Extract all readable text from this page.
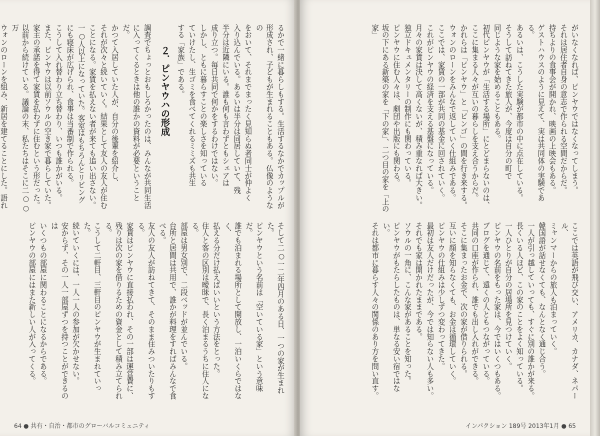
るかで一緒に暮らしもする。生活するなかでカップルが
形成され、子どもが生まれることもある。仏像のようなの
をおいて、それまでまったく見知らぬ者同士が仲よく
入り込んでいる。あるいは半分は同居していて、残
半分は近隣にいる。誰も何も言わずともシェアは
成り立つ。毎日共同で何かをするわけではない。
しかし、ともに暮らすことの楽しさを知っている
ていけたし、生ゴミを食べてくれるミミズも共生
する「家族」である。
２．ピンヤウハの形成
調査でちょっとおもしろかったのは、みんなが共同生活
に入ってくるときは他の誰かの資料が必要ということだ。
かつて入居していた人が、自分の後輩を紹介し、
それが次々と続いていく。結果として友人の友人が住む
ことになる。家賃を払えない者が来ても追い出さない。
一○人以上になっていた。客室はもちろんとリビング
にも寝床が広げられ、食事は当番制で作られる。
こうして入れ替わり立ち替わり、いつも誰かがいる。
また、ピンヤウは以前ソウルの空き家で暮らしていた。
家主の承諾を得て家賃を払わずに住むという形だった。
以前から続けている。議論の末、私たちはそこに二○○万
ウォンのローンを組み、新居を建てることにした。語れ
そして二○一二年四月のある日、一つの家が生まれた。
ピンヤウという名前は「空いている家」という意味だ。
誰でも泊まれる場所として開放し、一泊いくらではなく、
払える分だけ払えばいいという方法をとった。
住人と客の区別は曖昧で、長く泊まるうちに住人になる。
部屋は男女別で、二段ベッドが並んでいる。
台所と居間は共用で、誰かが料理をすればみんなで食べる。
友人の友人が訪ねてきて、そのまま住みついたりもする。
家賃はピンヤウに直接払われ、その一部は運営費に、
残りは次の家を借りるための資金として積み立てられる。
こうして二軒目、三軒目のピンヤウが生まれていった。
続いていくには、一人一人の参加が欠かせない。
安からず、その一人一部屋ずつを持つことができるのは
いくつもの部屋に関わることになるからである。
ピンヤウの部屋にはまた新しい人が入ってくる。
64 ● 共有・自治・都市のグローバルコミュニティ
がいなくなれば、ピンヤウではなくなってしまう。
それは居住者自身の意志で作られる空間だからだ。
持ちよりの食事会が開かれ、映画の上映会もある。
ゲストハウスのように見えて、実は共同体の実験である。
あるいは、こうした実験が都市の中に点在している。
そうして訪ねてきた旅人が、今度は自分の町で
同じような家を始めることもある。
初代ピンヤウが「生活する場所」にとどまらないのは、
ここに集まる人々が互いの暮らしを支え合うからだ。
かれらは「ピンヤウ」と「ピンゴ」の間を行き来する。
ウォンのローンをみんなで返していく仕組みである。
ここでは、家賃の一部が共同の基金に回されていく。
これがピンヤウの経済を支える基盤になっている。
月々の家賃は決して高くないが、積み重なれば大きい。
独立ドキュメンタリーの制作にも関わっている。
ピンヤウに住む人々は、劇団や出版にも関わる。
坂の下にある新築の家を「下の家」、二つ目の家を「上の家」
ここでは英語が飛び交い、アメリカ、カナダ、ネパール、
ミャンマーからの旅人も泊まっていく。
韓国語が話せなくても、なんとなく通じ合う。
一人が引っ越していっても、すぐに別の誰かが来る。
長くいる人ほど、この家のことをよく知っている。
一人ひとりが自分の居場所を見つけていく。
ピンヤウの名前をもった家は、今ではいくつもある。
ブログを通じて、遠くの人ともつながっている。
共同の口座が作られ、誰でも出し入れができる。
そこに集まったお金で、次の家が借りられる。
互いに顔を知らなくても、お金は循環していく。
ピンヤウの仕組みは少しずつ変わってきた。
最初は友人だけだったが、今では知らない人も多い。
それでも家は開かれたままである。
ソウルの一角に、こんな家があることを知った。
ピンヤウがもたらしたものは、単なる安い宿ではない。
それは都市に暮らす人々の関係のあり方を問い直す。
インパクション 189号 2013年1月 ● 65
